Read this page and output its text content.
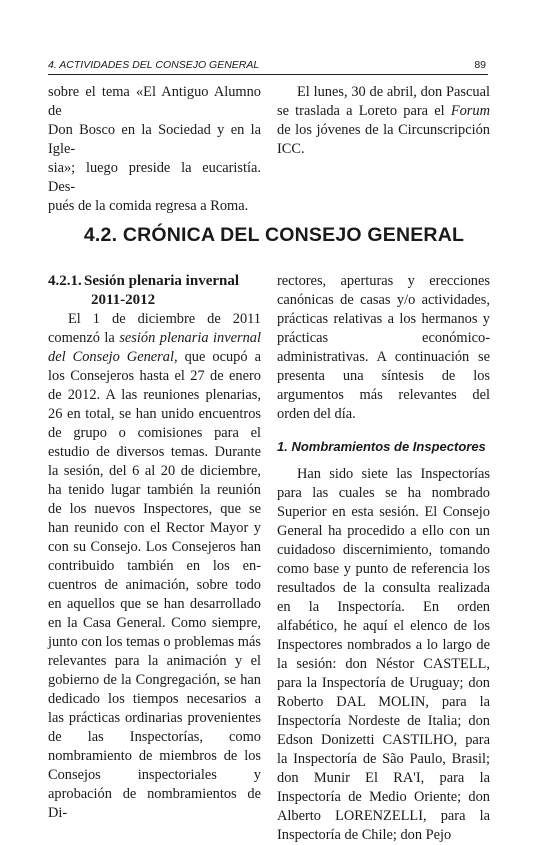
4. ACTIVIDADES DEL CONSEJO GENERAL	89

sobre el tema «El Antiguo Alumno de

Don Bosco en la Sociedad y en la Igle-

sia»; luego preside la eucaristía. Des-

pués de la comida regresa a Roma.

El lunes, 30 de abril, don Pascual se traslada a Loreto para el Forum de los jóvenes de la Circunscripción ICC.

4.2. CRÓNICA DEL CONSEJO GENERAL
4.2.1. Sesión plenaria invernal
2011-2012

El 1 de diciembre de 2011 comenzó la sesión plenaria invernal del Consejo General, que ocupó a los Consejeros hasta el 27 de enero de 2012. A las reuniones plenarias, 26 en total, se han unido encuentros de grupo o comisiones para el estudio de diversos temas. Durante la sesión, del 6 al 20 de diciembre, ha tenido lugar también la reunión de los nuevos Inspectores, que se han reunido con el Rector Mayor y con su Consejo. Los Consejeros han contribuido también en los encuentros de animación, sobre todo en aquellos que se han desarrollado en la Casa General. Como siempre, junto con los temas o problemas más relevantes para la animación y el gobierno de la Congregación, se han dedicado los tiempos necesarios a las prácticas ordinarias provenientes de las Inspectorías, como nombramiento de miembros de los Consejos inspectoriales y aprobación de nombramientos de Di-

rectores, aperturas y erecciones canónicas de casas y/o actividades, prácticas relativas a los hermanos y prácticas económico-administrativas. A continuación se presenta una síntesis de los argumentos más relevantes del orden del día.

1. Nombramientos de Inspectores

Han sido siete las Inspectorías para las cuales se ha nombrado Superior en esta sesión. El Consejo General ha procedido a ello con un cuidadoso discernimiento, tomando como base y punto de referencia los resultados de la consulta realizada en la Inspectoría. En orden alfabético, he aquí el elenco de los Inspectores nombrados a lo largo de la sesión: don Néstor CASTELL, para la Inspectoría de Uruguay; don Roberto DAL MOLIN, para la Inspectoría Nordeste de Italia; don Edson Donizetti CASTILHO, para la Inspectoría de São Paulo, Brasil; don Munir El RA'I, para la Inspectoría de Medio Oriente; don Alberto LORENZELLI, para la Inspectoría de Chile; don Pejo
